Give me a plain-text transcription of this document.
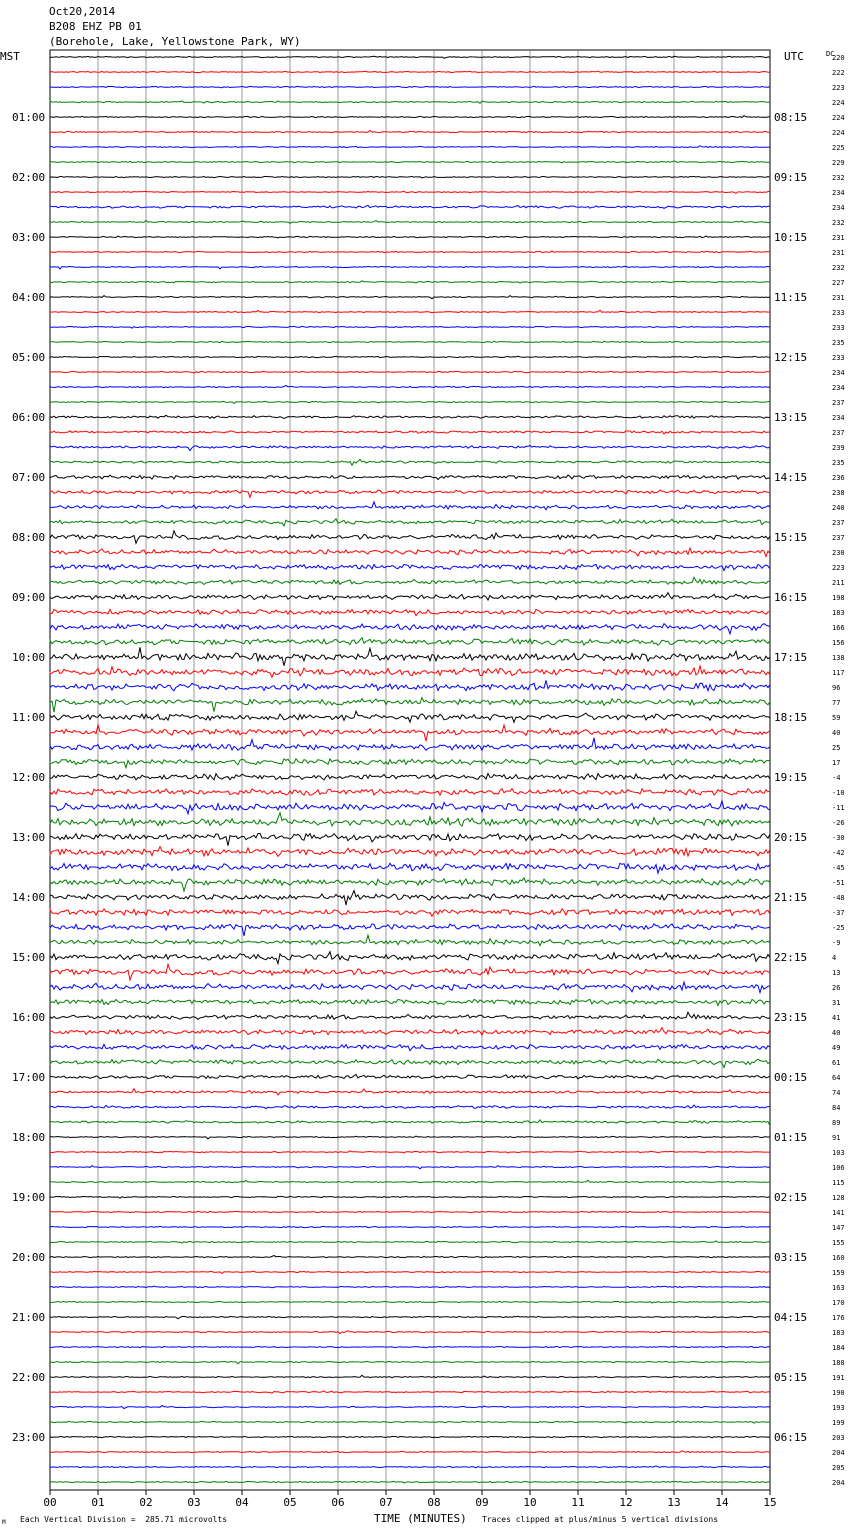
Oct20,2014
B208 EHZ PB 01
(Borehole, Lake, Yellowstone Park, WY)
MST	UTC	DC
220
222
223
224
224
224
225
229
232
234
234
232
231
231
232
227
231
233
233
235
233
234
234
237
234
237
239
235
236
238
240
237
237
230
223
211
198
183
166
156
138
117
96
77
59
40
25
17
-4
-10
-11
-26
-30
-42
-45
-51
-48
-37
-25
-9
4
13
26
31
41
40
49
61
64
74
84
89
91
103
106
115
128
141
147
155
160
159
163
170
176
183
184
188
191
190
193
199
203
204
205
204
01:00	08:15
02:00	09:15
03:00	10:15
04:00	11:15
05:00	12:15
06:00	13:15
07:00	14:15
08:00	15:15
09:00	16:15
10:00	17:15
11:00	18:15
12:00	19:15
13:00	20:15
14:00	21:15
15:00	22:15
16:00	23:15
17:00	00:15
18:00	01:15
19:00	02:15
20:00	03:15
21:00	04:15
22:00	05:15
23:00	06:15
00	01	02	03	04	05	06	07	08	09	10	11	12	13	14	15
M Each Vertical Division =  285.71 microvolts	TIME (MINUTES) Traces clipped at plus/minus 5 vertical divisions
